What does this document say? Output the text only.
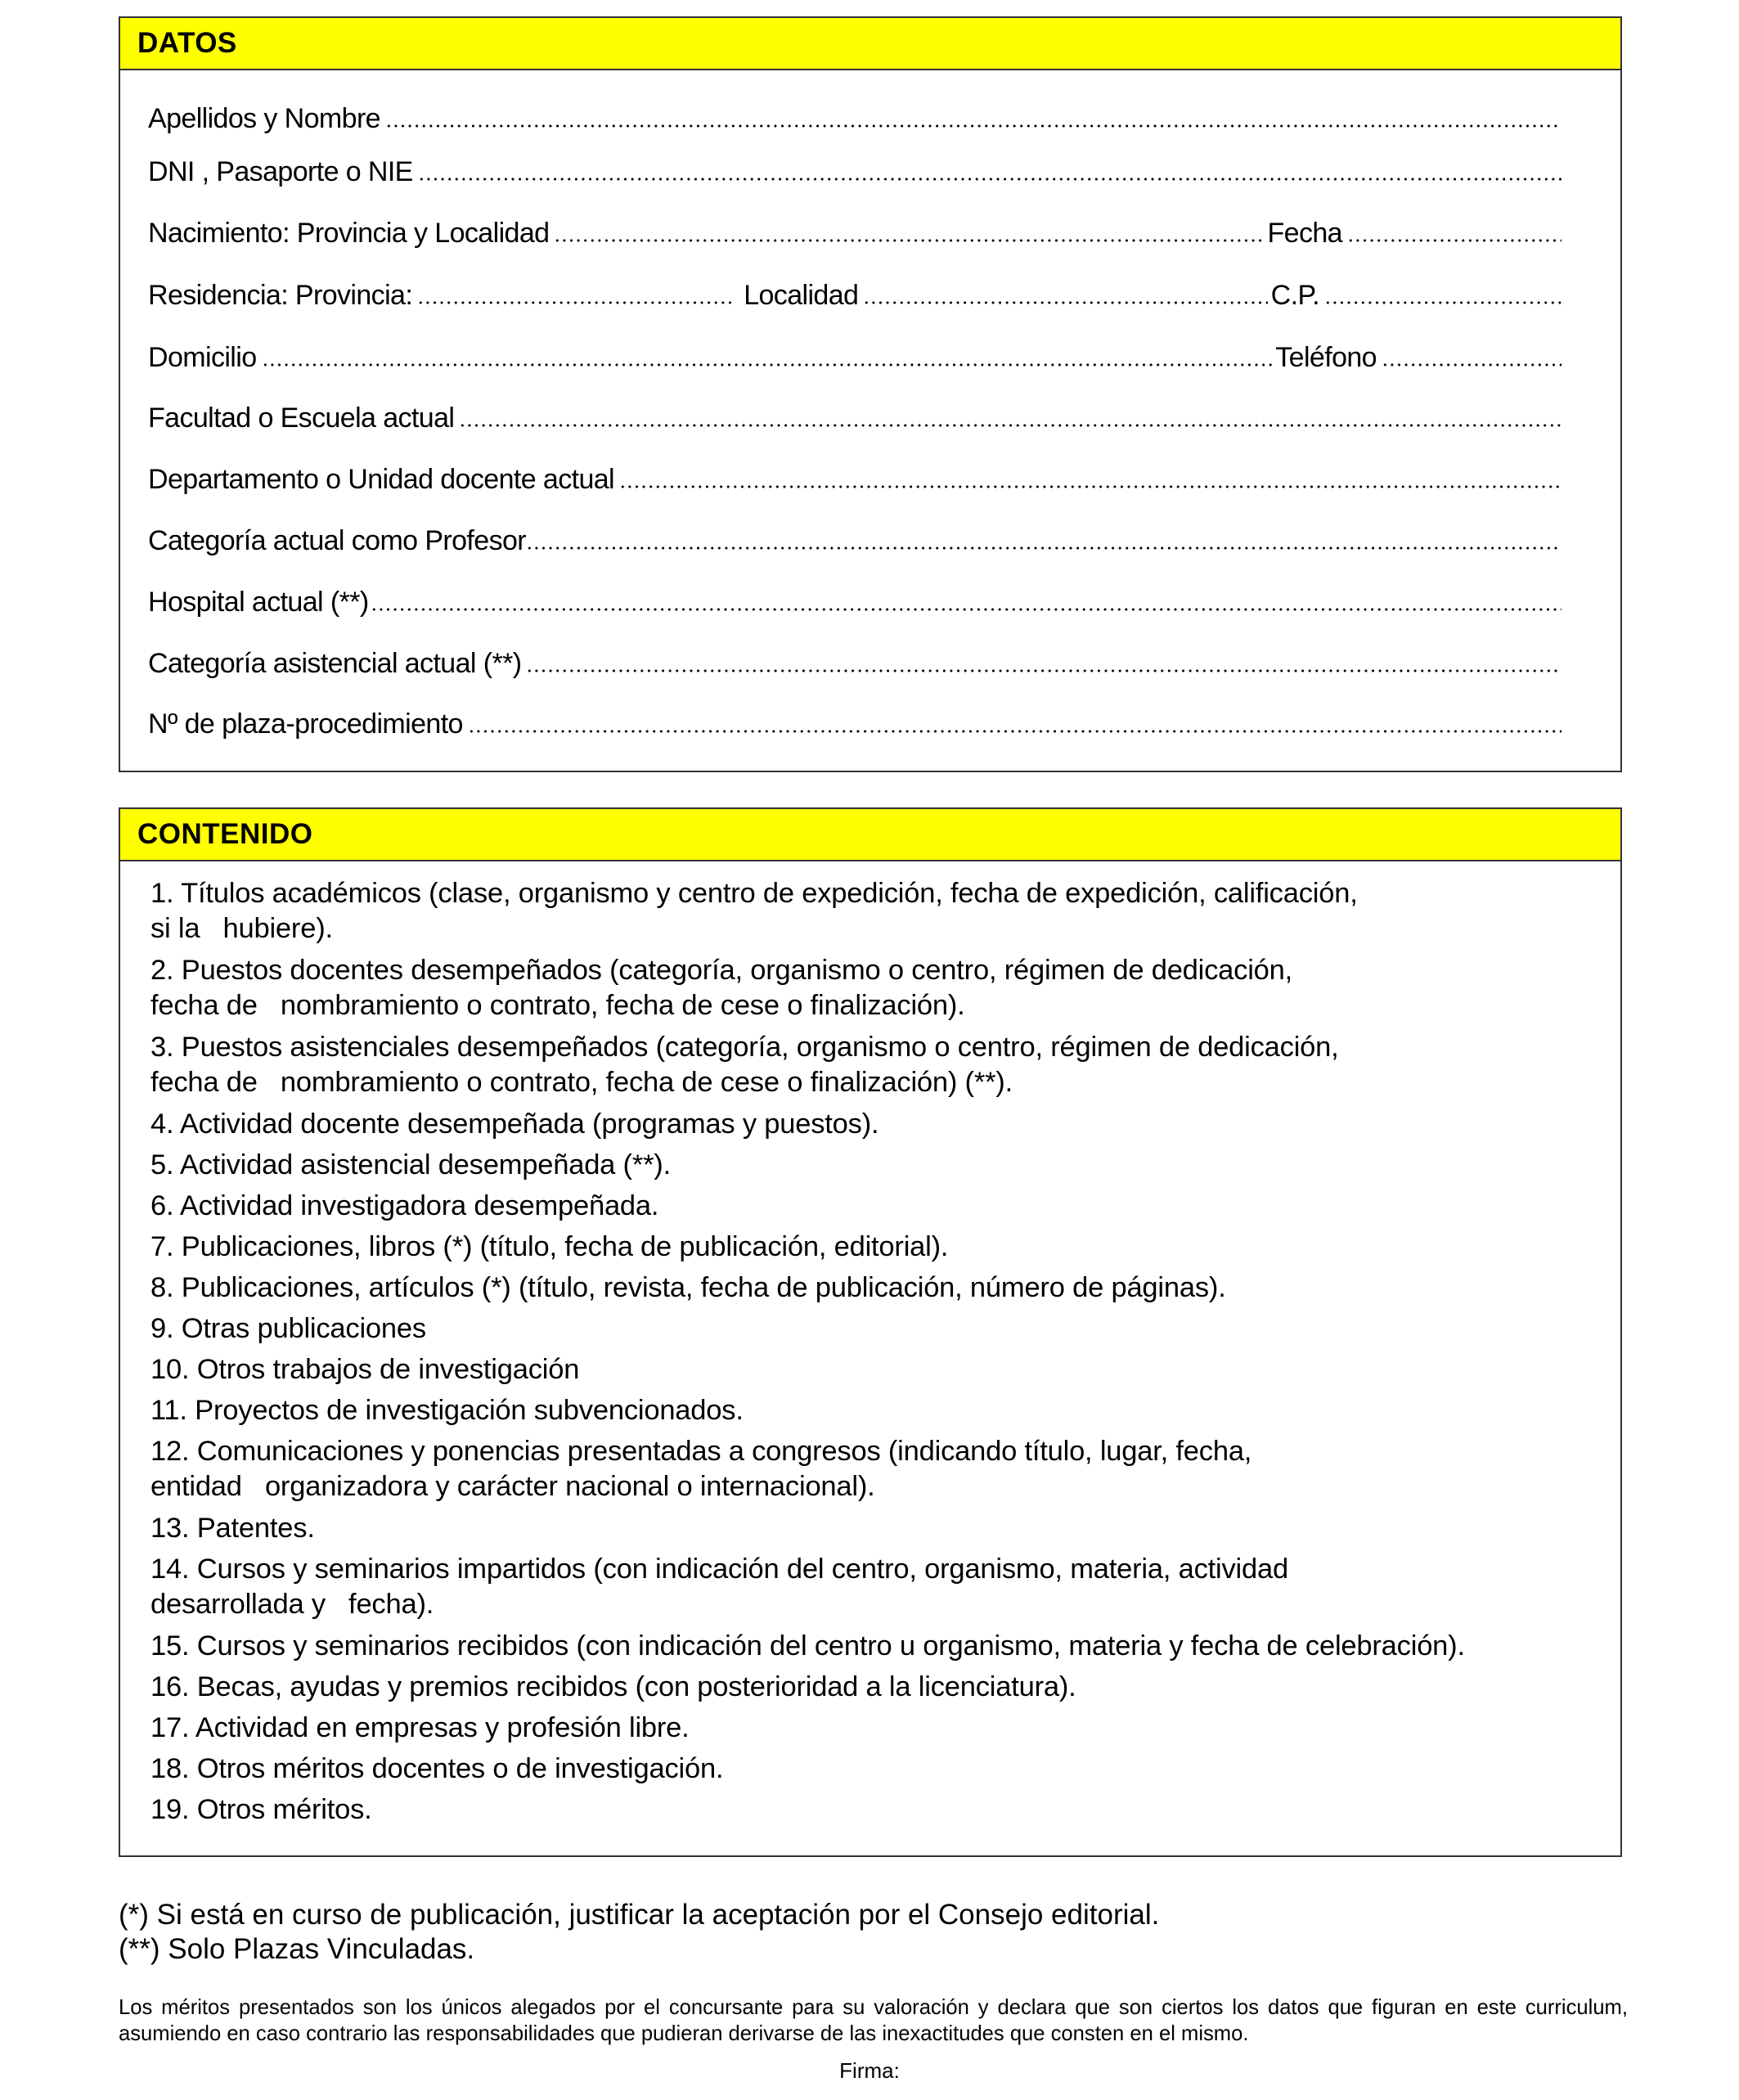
DATOS
Apellidos y Nombre
DNI , Pasaporte o NIE
Nacimiento: Provincia y Localidad	Fecha
Residencia: Provincia:	Localidad	C.P.
Domicilio	Teléfono
Facultad o Escuela actual
Departamento o Unidad docente actual
Categoría actual como Profesor
Hospital actual (**)
Categoría asistencial actual (**)
Nº de plaza-procedimiento
CONTENIDO
1. Títulos académicos (clase, organismo y centro de expedición, fecha de expedición, calificación,
si la   hubiere).
2. Puestos docentes desempeñados (categoría, organismo o centro, régimen de dedicación,
fecha de   nombramiento o contrato, fecha de cese o finalización).
3. Puestos asistenciales desempeñados (categoría, organismo o centro, régimen de dedicación,
fecha de   nombramiento o contrato, fecha de cese o finalización) (**).
4. Actividad docente desempeñada (programas y puestos).
5. Actividad asistencial desempeñada (**).
6. Actividad investigadora desempeñada.
7. Publicaciones, libros (*) (título, fecha de publicación, editorial).
8. Publicaciones, artículos (*) (título, revista, fecha de publicación, número de páginas).
9. Otras publicaciones
10. Otros trabajos de investigación
11. Proyectos de investigación subvencionados.
12. Comunicaciones y ponencias presentadas a congresos (indicando título, lugar, fecha,
entidad   organizadora y carácter nacional o internacional).
13. Patentes.
14. Cursos y seminarios impartidos (con indicación del centro, organismo, materia, actividad
desarrollada y   fecha).
15. Cursos y seminarios recibidos (con indicación del centro u organismo, materia y fecha de celebración).
16. Becas, ayudas y premios recibidos (con posterioridad a la licenciatura).
17. Actividad en empresas y profesión libre.
18. Otros méritos docentes o de investigación.
19. Otros méritos.
(*) Si está en curso de publicación, justificar la aceptación por el Consejo editorial.
(**) Solo Plazas Vinculadas.
Los méritos presentados son los únicos alegados por el concursante para su valoración y declara que son ciertos los datos que figuran en este curriculum, asumiendo en caso contrario las responsabilidades que pudieran derivarse de las inexactitudes que consten en el mismo.
Firma:
